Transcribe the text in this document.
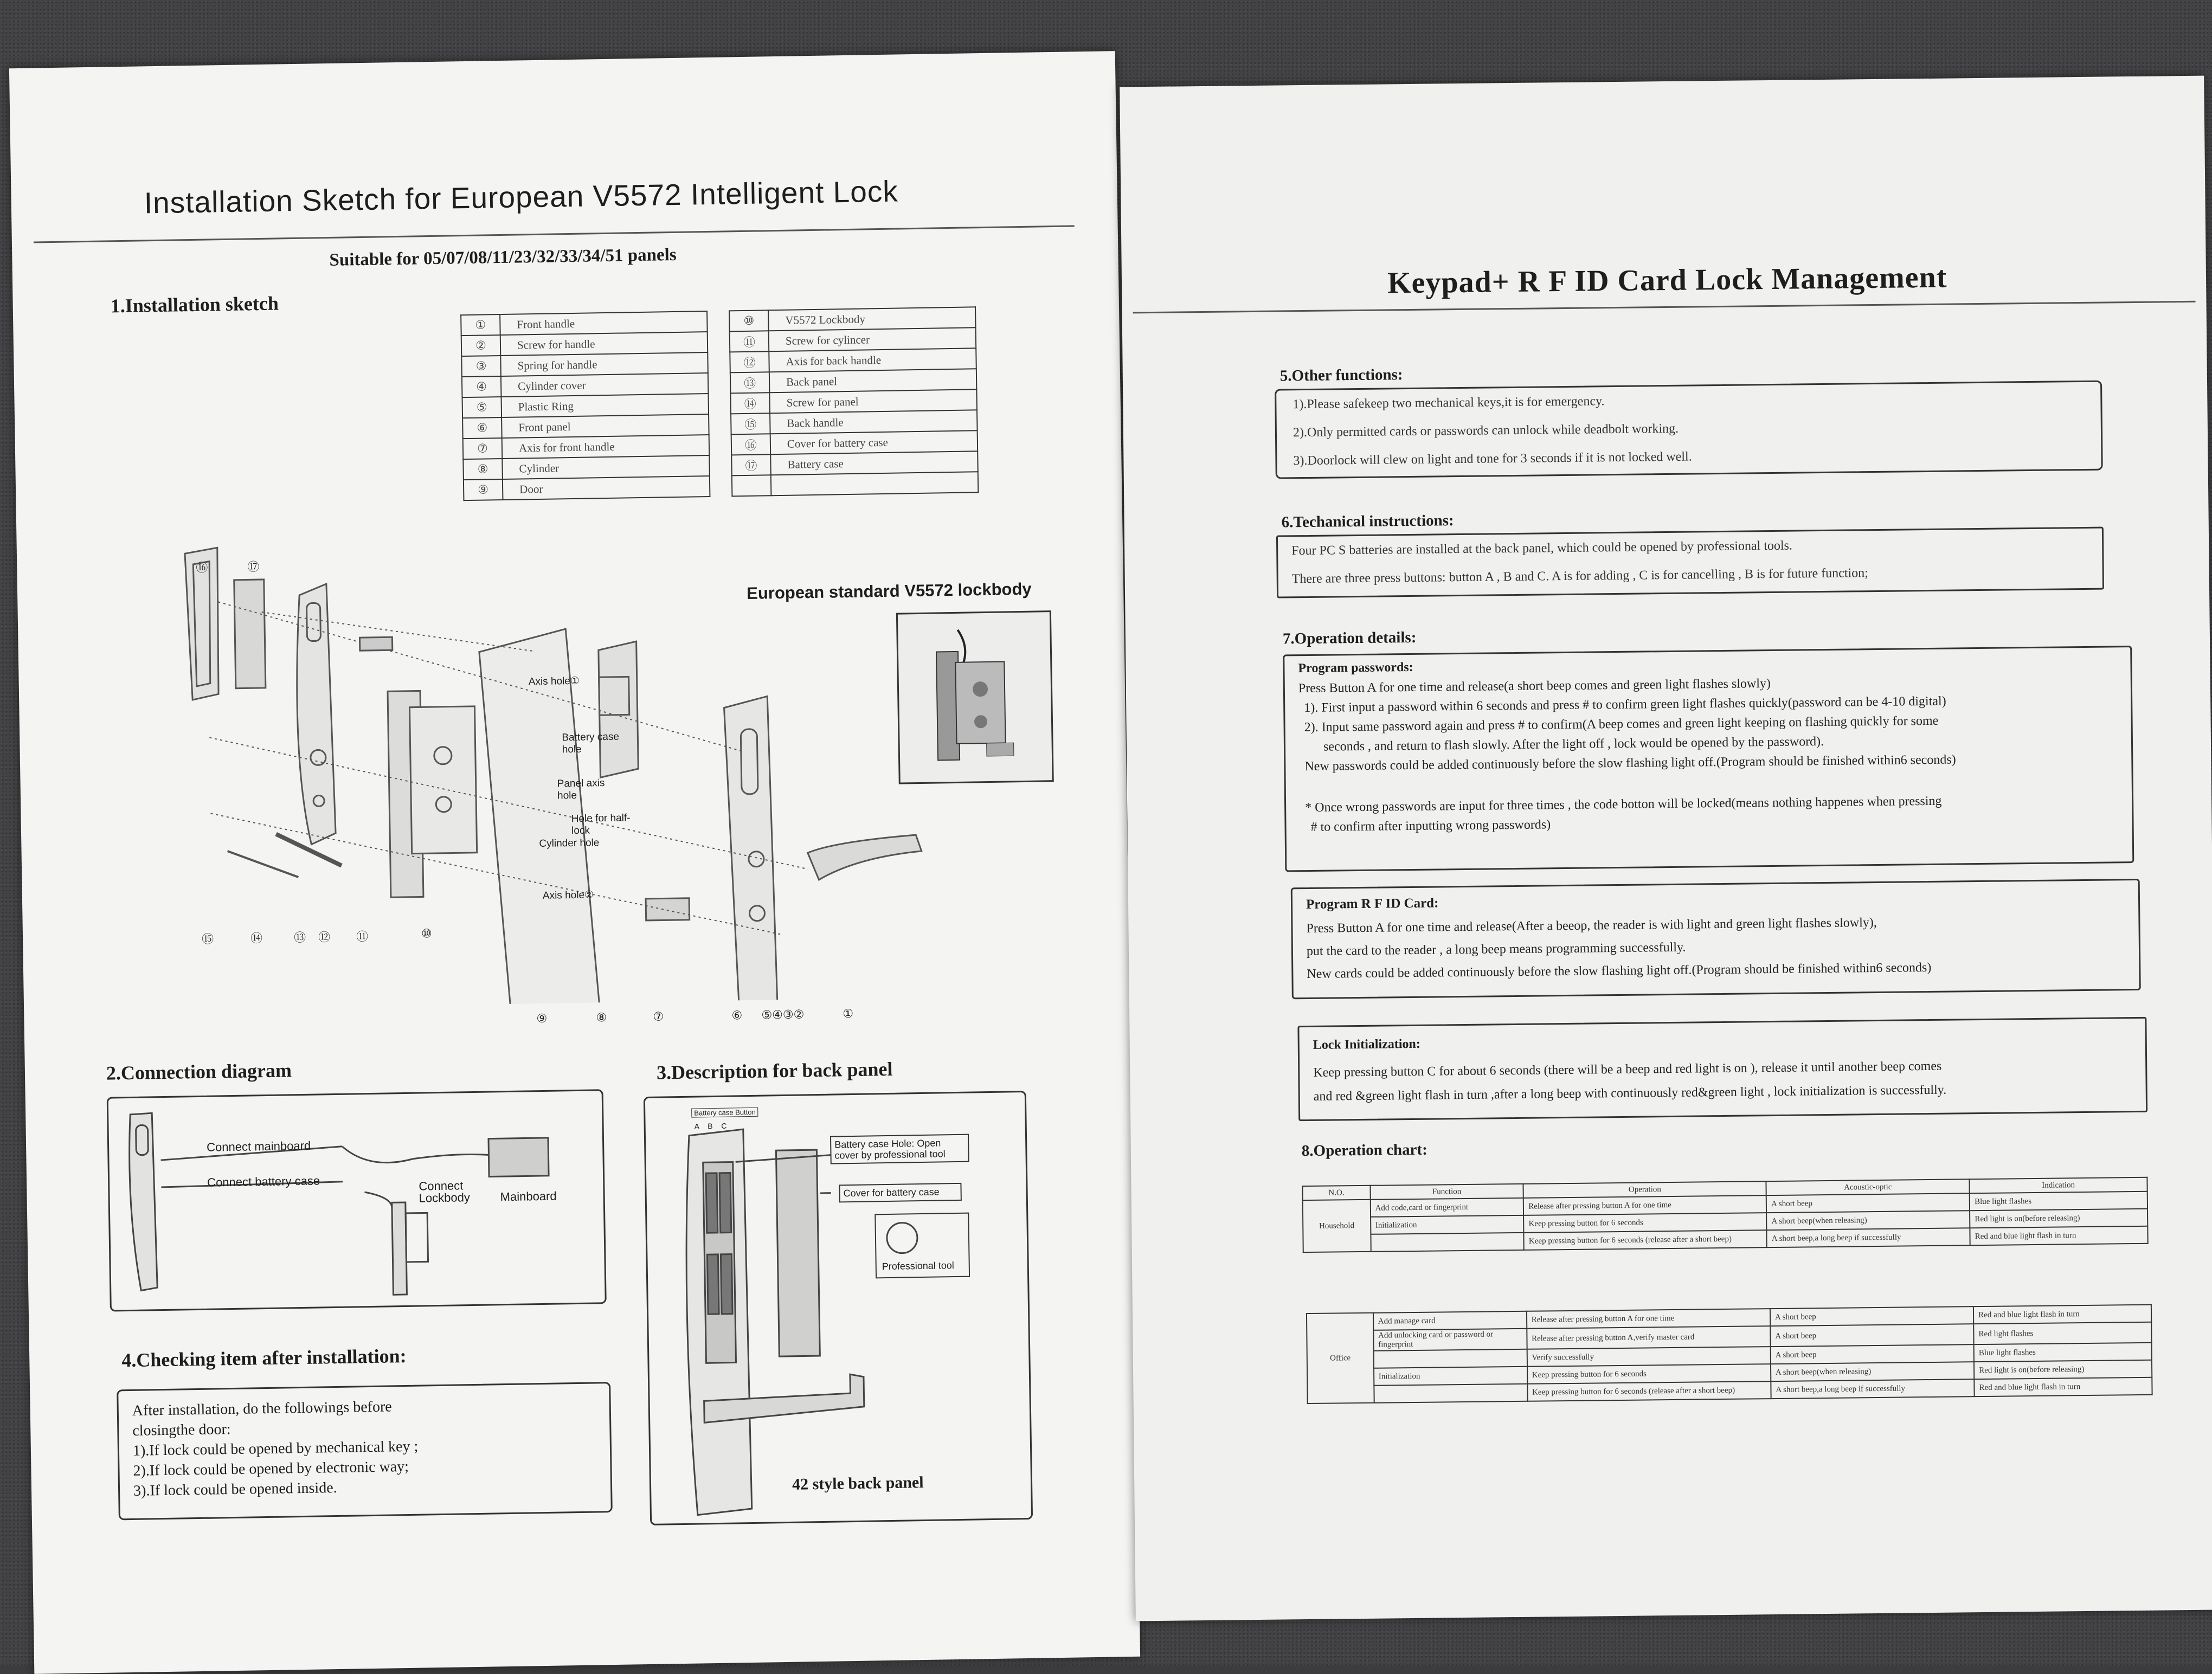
Installation Sketch for European V5572 Intelligent Lock
Suitable for 05/07/08/11/23/32/33/34/51 panels
1.Installation sketch
①	Front handle
②	Screw for handle
③	Spring for handle
④	Cylinder cover
⑤	Plastic Ring
⑥	Front panel
⑦	Axis for front handle
⑧	Cylinder
⑨	Door
⑩	V5572 Lockbody
⑪	Screw for cylincer
⑫	Axis for back handle
⑬	Back panel
⑭	Screw for panel
⑮	Back handle
⑯	Cover for battery case
⑰	Battery case

Axis hole①
Battery case hole
Panel axis hole
Hole for half-lock
Cylinder hole
Axis hole②
⑯	⑰
⑮	⑭	⑬ ⑫ ⑪	⑩
⑨	⑧	⑦	⑥ ⑤④③②	①
European standard V5572 lockbody
2.Connection diagram
Connect mainboard
Connect battery case	Connect Lockbody	Mainboard
3.Description for back panel
Battery case Button
A B C
Battery case Hole: Open cover by professional tool
Cover for battery case
Professional tool
42 style back panel
4.Checking item after installation:
After installation, do the followings before
closingthe door:
1).If lock could be opened by mechanical key ;
2).If lock could be opened by electronic way;
3).If lock could be opened inside.
Keypad+ R F ID Card Lock Management
5.Other functions:
1).Please safekeep two mechanical keys,it is for emergency.
2).Only permitted cards or passwords can unlock while deadbolt working.
3).Doorlock will clew on light and tone for 3 seconds if it is not locked well.
6.Techanical instructions:
Four PC S batteries are installed at the back panel, which could be opened by professional tools.
There are three press buttons: button A , B and C. A is for adding , C is for cancelling , B is for future function;
7.Operation details:
Program passwords:
Press Button A for one time and release(a short beep comes and green light flashes slowly)
1). First input a password within 6 seconds and press # to confirm green light flashes quickly(password can be 4-10 digital)
2). Input same password again and press # to confirm(A beep comes and green light keeping on flashing quickly for some
seconds , and return to flash slowly. After the light off , lock would be opened by the password).
New passwords could be added continuously before the slow flashing light off.(Program should be finished within6 seconds)
* Once wrong passwords are input for three times , the code botton will be locked(means nothing happenes when pressing
# to confirm after inputting wrong passwords)
Program R F ID Card:
Press Button A for one time and release(After a beeop, the reader is with light and green light flashes slowly),
put the card to the reader , a long beep means programming successfully.
New cards could be added continuously before the slow flashing light off.(Program should be finished within6 seconds)
Lock Initialization:
Keep pressing button C for about 6 seconds (there will be a beep and red light is on ), release it until another beep comes
and red &green light flash in turn ,after a long beep with continuously red&green light , lock initialization is successfully.
8.Operation chart:
N.O.	Function	Operation	Acoustic-optic	Indication
Household	Add code,card or fingerprint	Release after pressing button A for one time	A short beep	Blue light flashes
	Initialization	Keep pressing button for 6 seconds	A short beep(when releasing)	Red light is on(before releasing)
		Keep pressing button for 6 seconds (release after a short beep)	A short beep,a long beep if successfully	Red and blue light flash in turn
Office	Add manage card	Release after pressing button A for one time	A short beep	Red and blue light flash in turn
	Add unlocking card or password or fingerprint	Release after pressing button A,verify master card	A short beep	Red light flashes
		Verify successfully	A short beep	Blue light flashes
	Initialization	Keep pressing button for 6 seconds	A short beep(when releasing)	Red light is on(before releasing)
		Keep pressing button for 6 seconds (release after a short beep)	A short beep,a long beep if successfully	Red and blue light flash in turn
